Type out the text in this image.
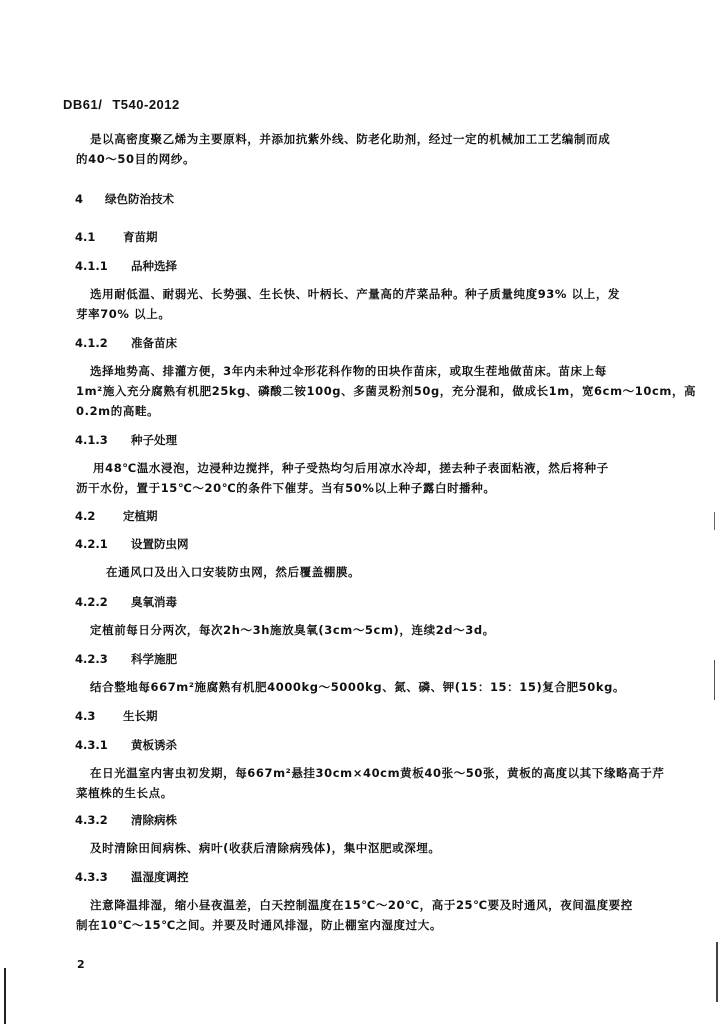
DB61/ T540-2012
是以高密度聚乙烯为主要原料，并添加抗紫外线、防老化助剂，经过一定的机械加工工艺编制而成
的40～50目的网纱。
4 绿色防治技术
4.1 育苗期
4.1.1 品种选择
选用耐低温、耐弱光、长势强、生长快、叶柄长、产量高的芹菜品种。种子质量纯度93% 以上，发
芽率70% 以上。
4.1.2 准备苗床
选择地势高、排灌方便，3年内未种过伞形花科作物的田块作苗床，或取生茬地做苗床。苗床上每
1m²施入充分腐熟有机肥25kg、磷酸二铵100g、多菌灵粉剂50g，充分混和，做成长1m，宽6cm～10cm，高
0.2m的高畦。
4.1.3 种子处理
用48℃温水浸泡，边浸种边搅拌，种子受热均匀后用凉水冷却，搓去种子表面粘液，然后将种子
沥干水份，置于15℃～20℃的条件下催芽。当有50%以上种子露白时播种。
4.2 定植期
4.2.1 设置防虫网
在通风口及出入口安装防虫网，然后覆盖棚膜。
4.2.2 臭氧消毒
定植前每日分两次，每次2h～3h施放臭氧(3cm～5cm)，连续2d～3d。
4.2.3 科学施肥
结合整地每667m²施腐熟有机肥4000kg～5000kg、氮、磷、钾(15：15：15)复合肥50kg。
4.3 生长期
4.3.1 黄板诱杀
在日光温室内害虫初发期，每667m²悬挂30cm×40cm黄板40张～50张，黄板的高度以其下缘略高于芹
菜植株的生长点。
4.3.2 清除病株
及时清除田间病株、病叶(收获后清除病残体)，集中沤肥或深埋。
4.3.3 温湿度调控
注意降温排湿，缩小昼夜温差，白天控制温度在15℃～20℃，高于25℃要及时通风，夜间温度要控
制在10℃～15℃之间。并要及时通风排湿，防止棚室内湿度过大。
2
